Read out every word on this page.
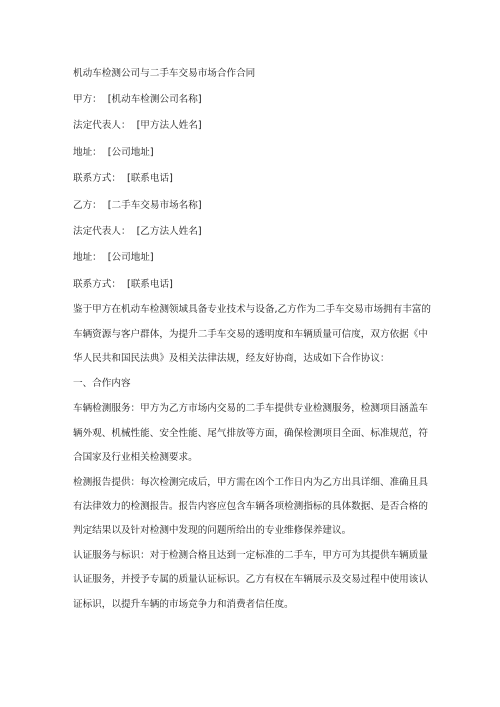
机动车检测公司与二手车交易市场合作合同
甲方： [机动车检测公司名称]
法定代表人： [甲方法人姓名]
地址： [公司地址]
联系方式： [联系电话]
乙方： [二手车交易市场名称]
法定代表人： [乙方法人姓名]
地址： [公司地址]
联系方式： [联系电话]

鉴于甲方在机动车检测领域具备专业技术与设备,乙方作为二手车交易市场拥有丰富的车辆资源与客户群体，为提升二手车交易的透明度和车辆质量可信度，双方依据《中华人民共和国民法典》及相关法律法规，经友好协商，达成如下合作协议：

一、合作内容

车辆检测服务：甲方为乙方市场内交易的二手车提供专业检测服务，检测项目涵盖车辆外观、机械性能、安全性能、尾气排放等方面，确保检测项目全面、标准规范，符合国家及行业相关检测要求。

检测报告提供：每次检测完成后，甲方需在凶个工作日内为乙方出具详细、准确且具有法律效力的检测报告。报告内容应包含车辆各项检测指标的具体数据、是否合格的判定结果以及针对检测中发现的问题所给出的专业维修保养建议。

认证服务与标识：对于检测合格且达到一定标准的二手车，甲方可为其提供车辆质量认证服务，并授予专属的质量认证标识。乙方有权在车辆展示及交易过程中使用该认证标识，以提升车辆的市场竞争力和消费者信任度。
